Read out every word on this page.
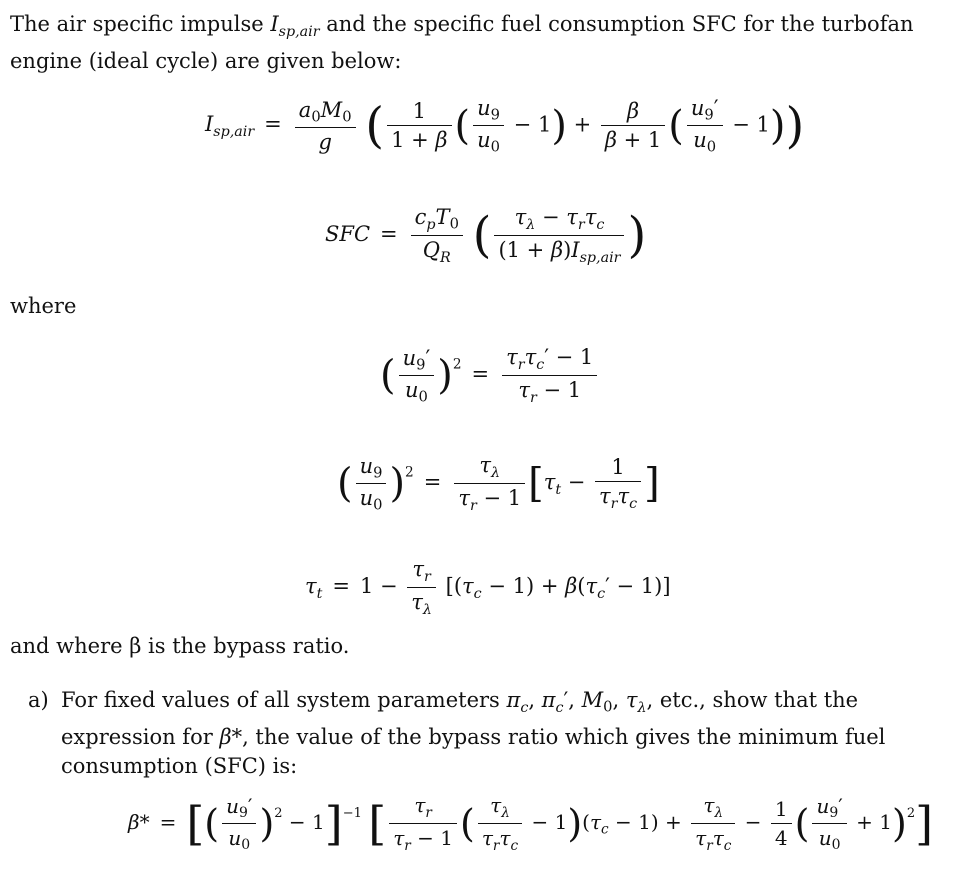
The air specific impulse $I_{sp,air}$ and the specific fuel consumption SFC for the turbofan engine (ideal cycle) are given below:
$I_{sp,air} = \frac{a_0M_0}{g}$ ( $\frac{1}{1 + \beta}$ ( $\frac{u_9}{u_0} - 1) + \frac{\beta}{\beta + 1}$ ( $\frac{u_9'}{u_0} - 1$))
SFC = $\frac{c_pT_0}{Q_R}$ ( $\frac{\tau_\lambda - \tau_r\tau_c}{(1 + \beta)I_{sp,air}}$ )
where
( $\frac{u_9'}{u_0} )^2 = \frac{\tau_r\tau_c' - 1}{\tau_r - 1}$
( $\frac{u_9}{u_0} )^2 = \frac{\tau_\lambda}{\tau_r - 1} [\tau_t - \frac{1}{\tau_r\tau_c}$ ]
$\tau_t = 1 - \frac{\tau_r}{\tau_\lambda} [(\tau_c - 1) + \beta(\tau_c' - 1)]$
and where β is the bypass ratio.
a) For fixed values of all system parameters $\pi_c$, $\pi_c'$, $M_0$, $\tau_\lambda$, etc., show that the expression for β*, the value of the bypass ratio which gives the minimum fuel consumption (SFC) is:
β* = [( $\frac{u_9'}{u_0} )^2 - 1]^{-1}$ [ $\frac{\tau_r}{\tau_r - 1}$ ( $\frac{\tau_\lambda}{\tau_r\tau_c} - 1)(\tau_c - 1) + \frac{\tau_\lambda}{\tau_r\tau_c} - \frac{1}{4}$ ( $\frac{u_9'}{u_0} + 1)^2$]
